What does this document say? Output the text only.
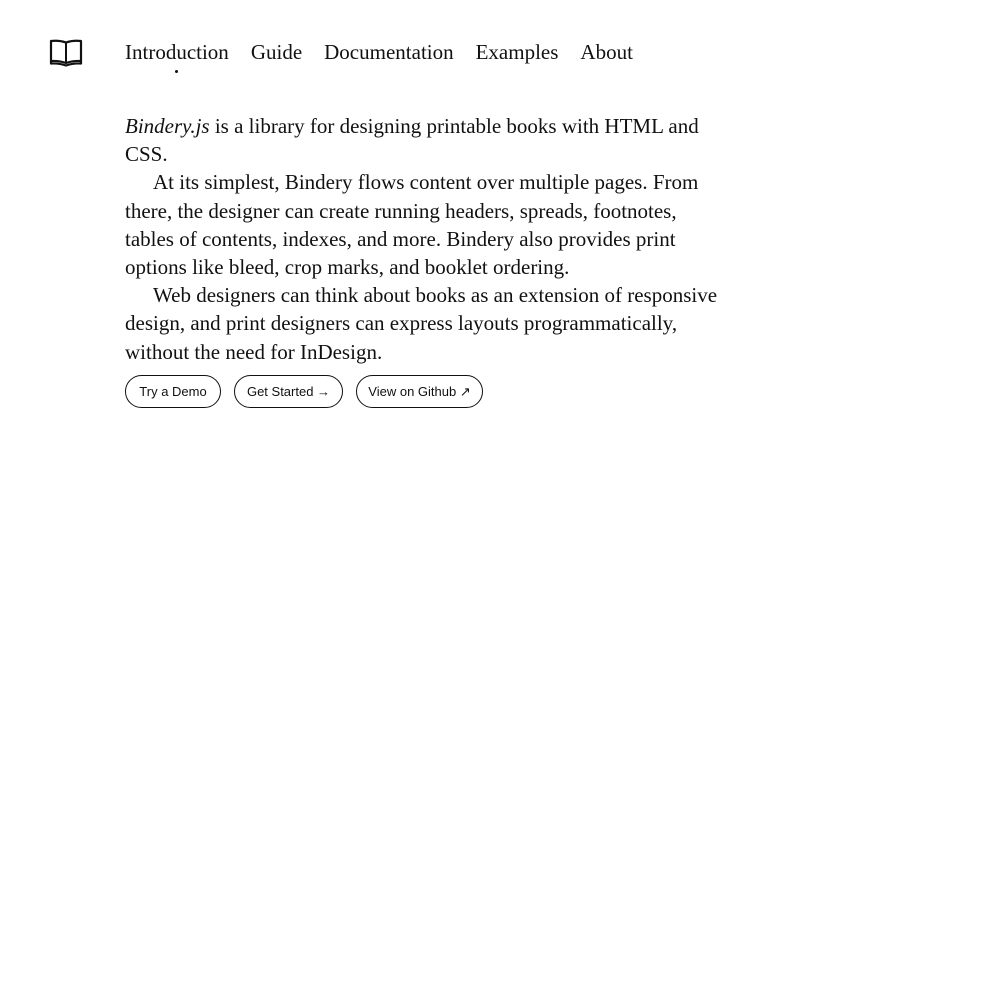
Introduction Guide Documentation Examples About

Bindery.js is a library for designing printable books with HTML and CSS.

At its simplest, Bindery flows content over multiple pages. From there, the designer can create running headers, spreads, footnotes, tables of contents, indexes, and more. Bindery also provides print options like bleed, crop marks, and booklet ordering.

Web designers can think about books as an extension of responsive design, and print designers can express layouts programmatically, without the need for InDesign.

Try a Demo	Get Started →	View on Github ↗
